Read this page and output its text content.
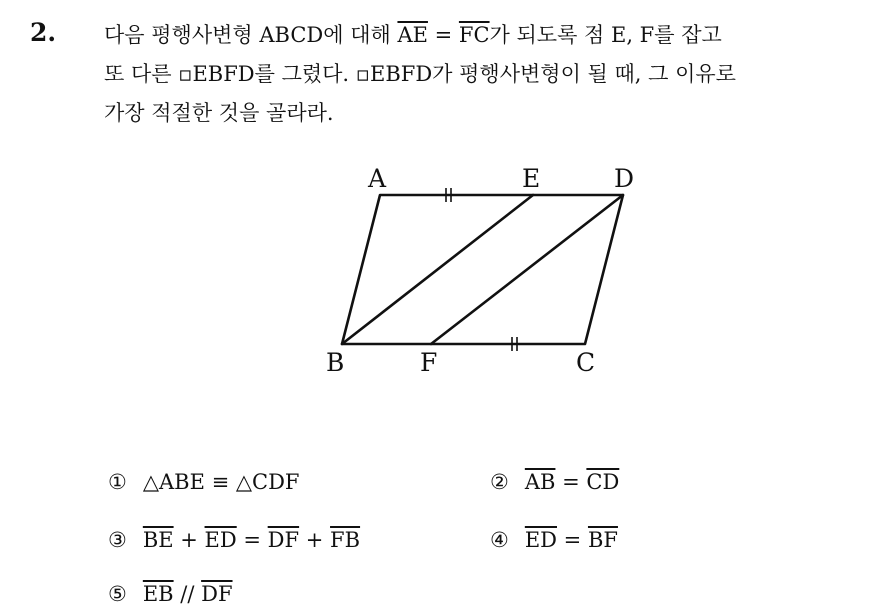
2. 다음 평행사변형 ABCD에 대해 $\overline{AE} = \overline{FC}$가 되도록 점 E, F를 잡고
또 다른 ▫EBFD를 그렸다. ▫EBFD가 평행사변형이 될 때, 그 이유로
가장 적절한 것을 골라라.
A	E	D
B	F	C
① △ABE ≡ △CDF	② $\overline{AB} = \overline{CD}$
③ $\overline{BE} + \overline{ED} = \overline{DF} + \overline{FB}$	④ $\overline{ED} = \overline{BF}$
⑤ $\overline{EB} // \overline{DF}$
